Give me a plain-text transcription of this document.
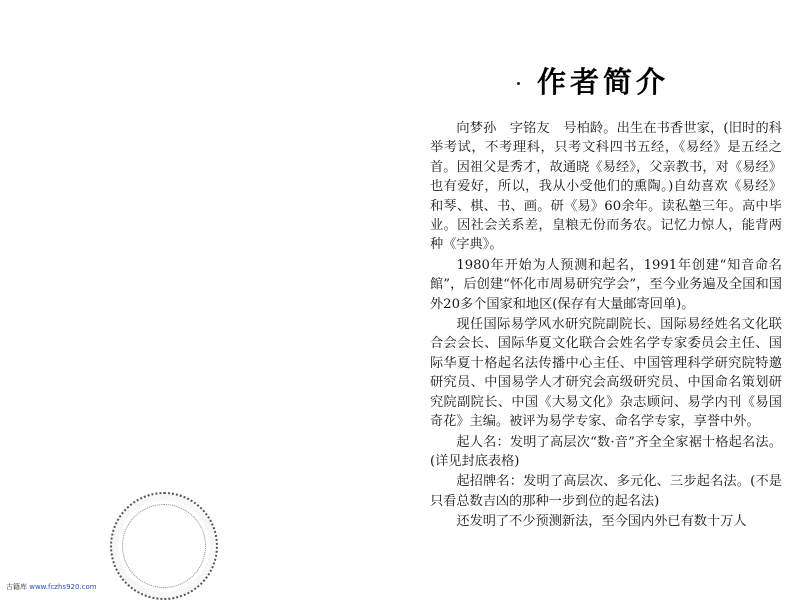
古籍库 www.fczhs920.com
作者简介

向梦孙　字铭友　号柏龄。出生在书香世家，(旧时的科举考试，不考理科，只考文科四书五经，《易经》是五经之首。因祖父是秀才，故通晓《易经》，父亲教书，对《易经》也有爱好，所以，我从小受他们的熏陶。)自幼喜欢《易经》和琴、棋、书、画。研《易》60余年。读私塾三年。高中毕业。因社会关系差，皇粮无份而务农。记忆力惊人，能背两种《字典》。

1980年开始为人预测和起名，1991年创建“知音命名館”，后创建“怀化市周易研究学会”，至今业务遍及全国和国外20多个国家和地区(保存有大量邮寄回单)。

现任国际易学风水研究院副院长、国际易经姓名文化联合会会长、国际华夏文化联合会姓名学专家委员会主任、国际华夏十格起名法传播中心主任、中国管理科学研究院特邀研究员、中国易学人才研究会高级研究员、中国命名策划研究院副院长、中国《大易文化》杂志顾问、易学内刊《易国奇花》主编。被评为易学专家、命名学专家，享誉中外。

起人名：发明了高层次“数·音”齐全全家裾十格起名法。(详见封底表格)

起招牌名：发明了高层次、多元化、三步起名法。(不是只看总数吉凶的那种一步到位的起名法)

还发明了不少预测新法，至今国内外已有数十万人
